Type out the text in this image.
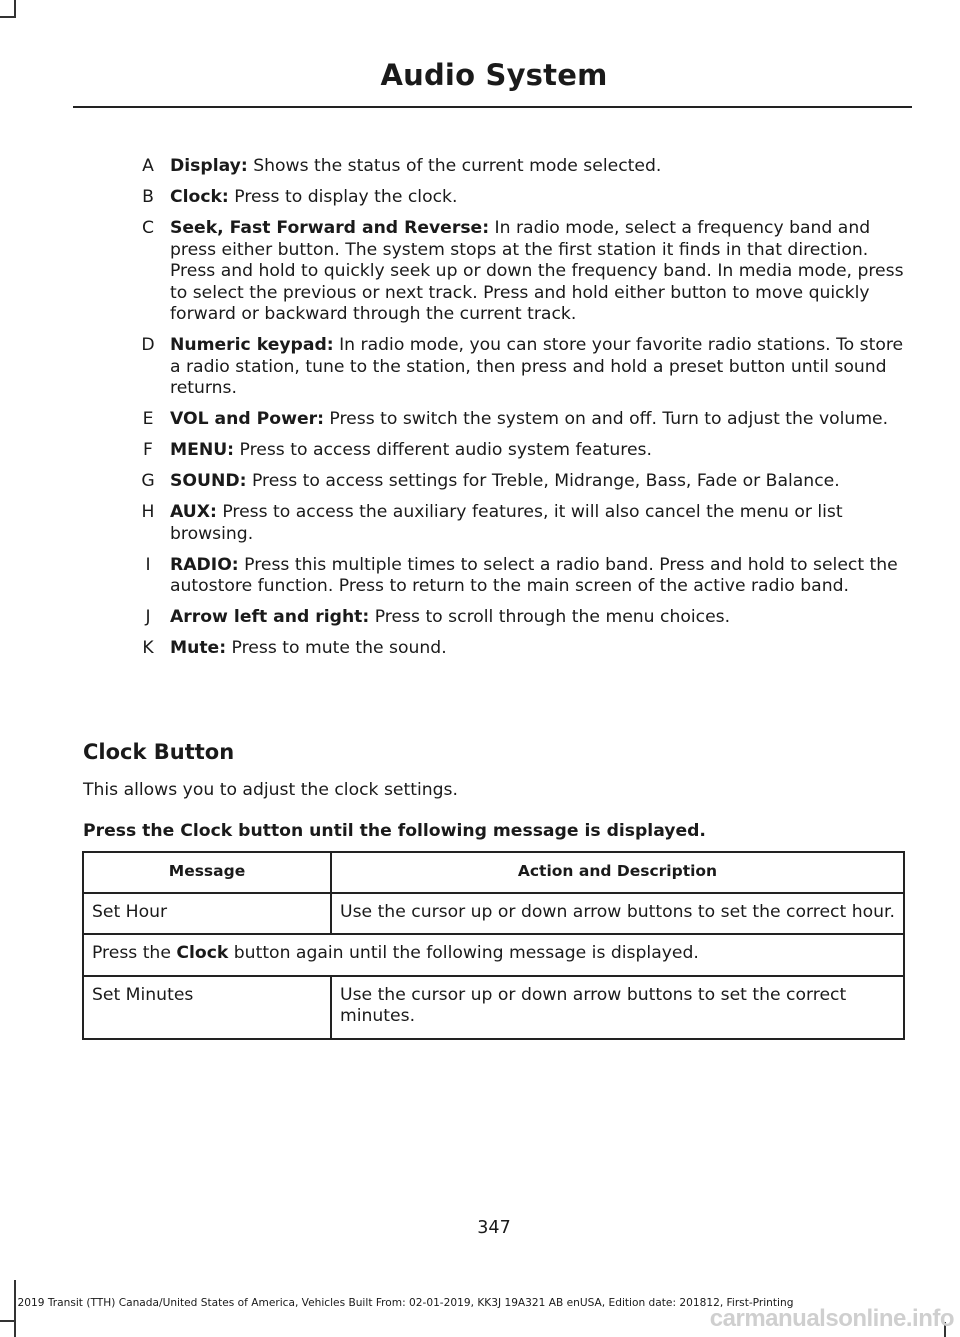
Audio System
A Display: Shows the status of the current mode selected.
B Clock: Press to display the clock.
C Seek, Fast Forward and Reverse: In radio mode, select a frequency band and press either button. The system stops at the first station it finds in that direction. Press and hold to quickly seek up or down the frequency band. In media mode, press to select the previous or next track. Press and hold either button to move quickly forward or backward through the current track.
D Numeric keypad: In radio mode, you can store your favorite radio stations. To store a radio station, tune to the station, then press and hold a preset button until sound returns.
E VOL and Power: Press to switch the system on and off. Turn to adjust the volume.
F MENU: Press to access different audio system features.
G SOUND: Press to access settings for Treble, Midrange, Bass, Fade or Balance.
H AUX: Press to access the auxiliary features, it will also cancel the menu or list browsing.
I	RADIO: Press this multiple times to select a radio band. Press and hold to select the autostore function. Press to return to the main screen of the active radio band.
J	Arrow left and right: Press to scroll through the menu choices.
K Mute: Press to mute the sound.
Clock Button
This allows you to adjust the clock settings.
Press the Clock button until the following message is displayed.
Message	Action and Description
Set Hour	Use the cursor up or down arrow buttons to set the correct hour.
Press the Clock button again until the following message is displayed.	
Set Minutes	Use the cursor up or down arrow buttons to set the correct minutes.
347
2019 Transit (TTH) Canada/United States of America, Vehicles Built From: 02-01-2019, KK3J 19A321 AB enUSA, Edition date: 201812, First-Printing
carmanualsonline.info
